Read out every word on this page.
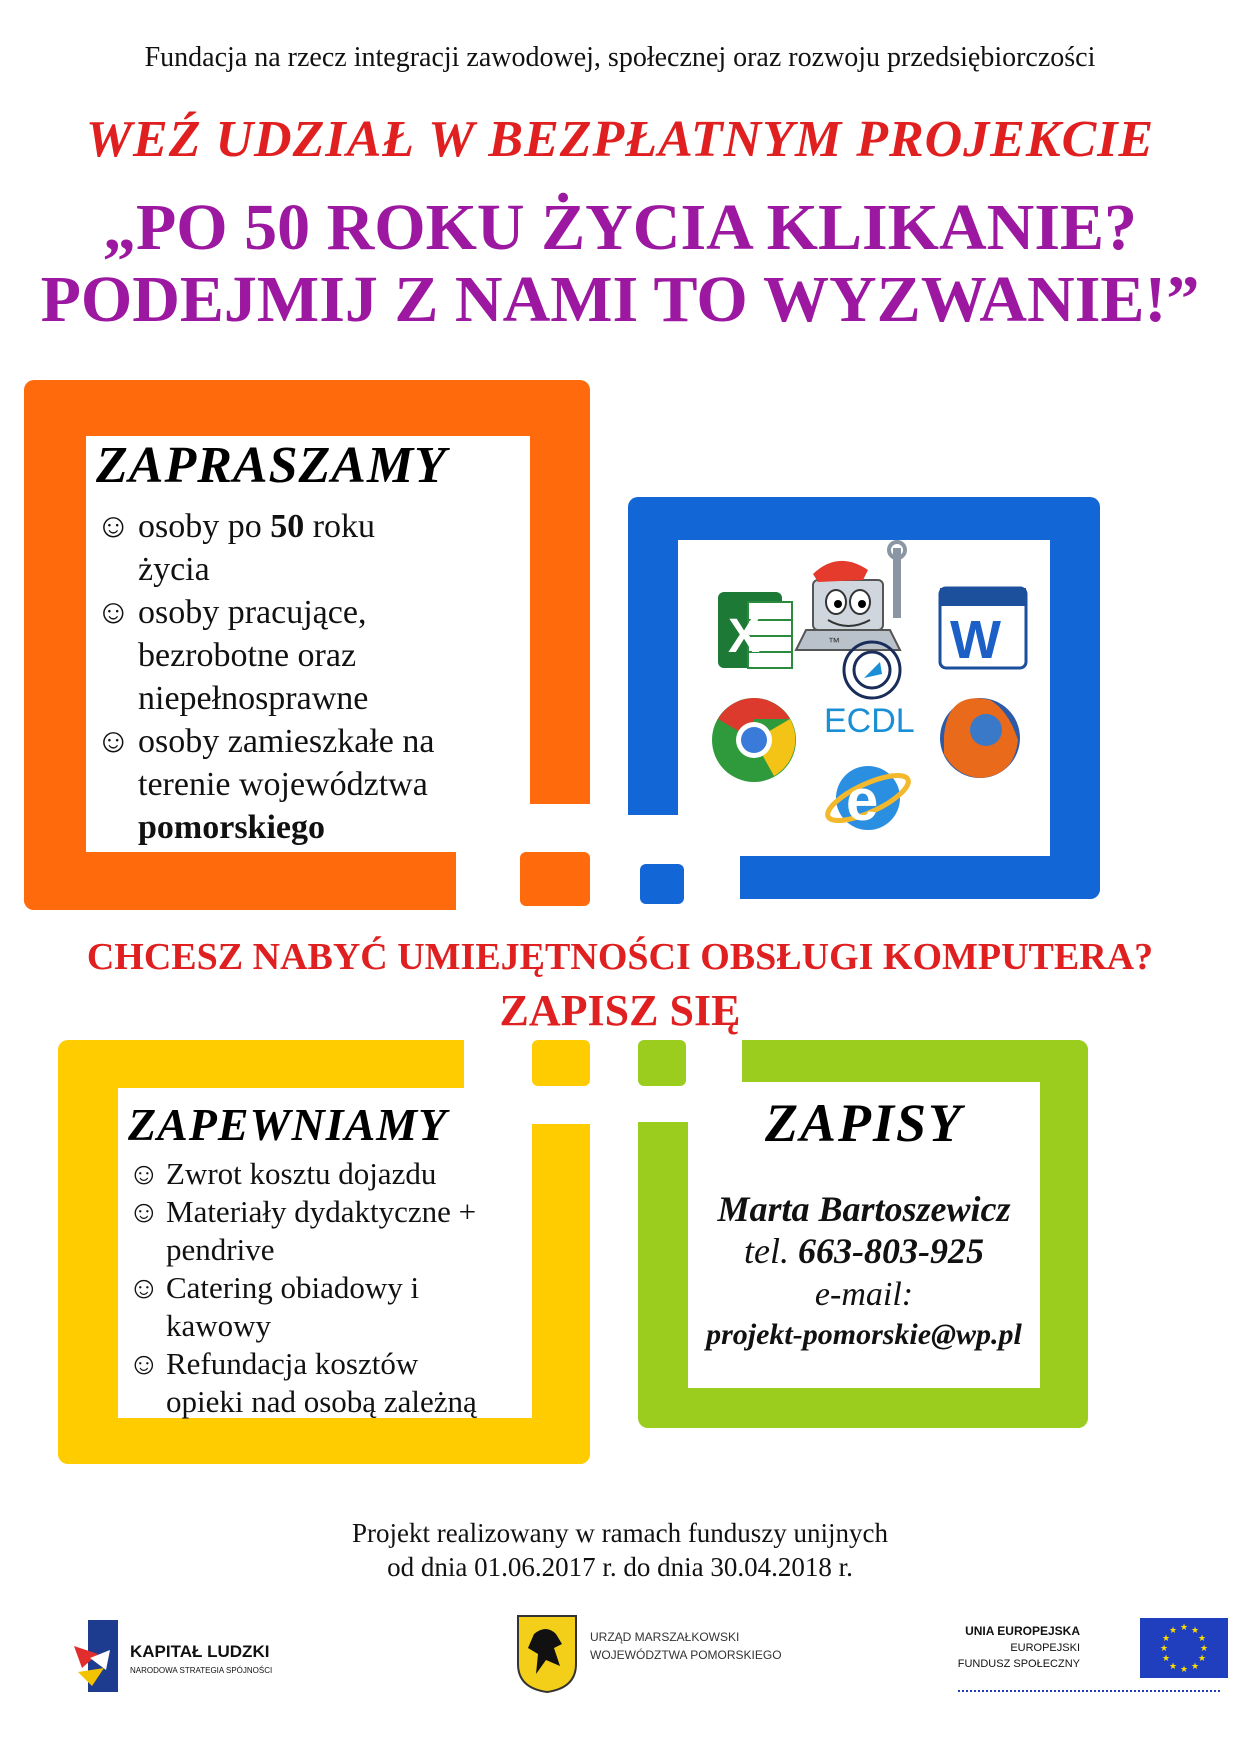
Fundacja na rzecz integracji zawodowej, społecznej oraz rozwoju przedsiębiorczości
WEŹ UDZIAŁ W BEZPŁATNYM PROJEKCIE
„PO 50 ROKU ŻYCIA KLIKANIE?
PODEJMIJ Z NAMI TO WYZWANIE!”
ZAPRASZAMY
☺ osoby po 50 roku
życia
☺ osoby pracujące,
bezrobotne oraz
niepełnosprawne
☺ osoby zamieszkałe na
terenie województwa
pomorskiego
X	™
ECDL
W
e
CHCESZ NABYĆ UMIEJĘTNOŚCI OBSŁUGI KOMPUTERA?
ZAPISZ SIĘ
ZAPEWNIAMY
☺ Zwrot kosztu dojazdu
☺ Materiały dydaktyczne +
pendrive
☺ Catering obiadowy i
kawowy
☺ Refundacja kosztów
opieki nad osobą zależną
ZAPISY
Marta Bartoszewicz
tel. 663-803-925
e-mail:
projekt-pomorskie@wp.pl
Projekt realizowany w ramach funduszy unijnych
od dnia 01.06.2017 r. do dnia 30.04.2018 r.
KAPITAŁ LUDZKI
NARODOWA STRATEGIA SPÓJNOŚCI
URZĄD MARSZAŁKOWSKI
WOJEWÓDZTWA POMORSKIEGO
UNIA EUROPEJSKA
EUROPEJSKI
FUNDUSZ SPOŁECZNY
★ ★
★
★
★
★
★
★
★
★
★
★
